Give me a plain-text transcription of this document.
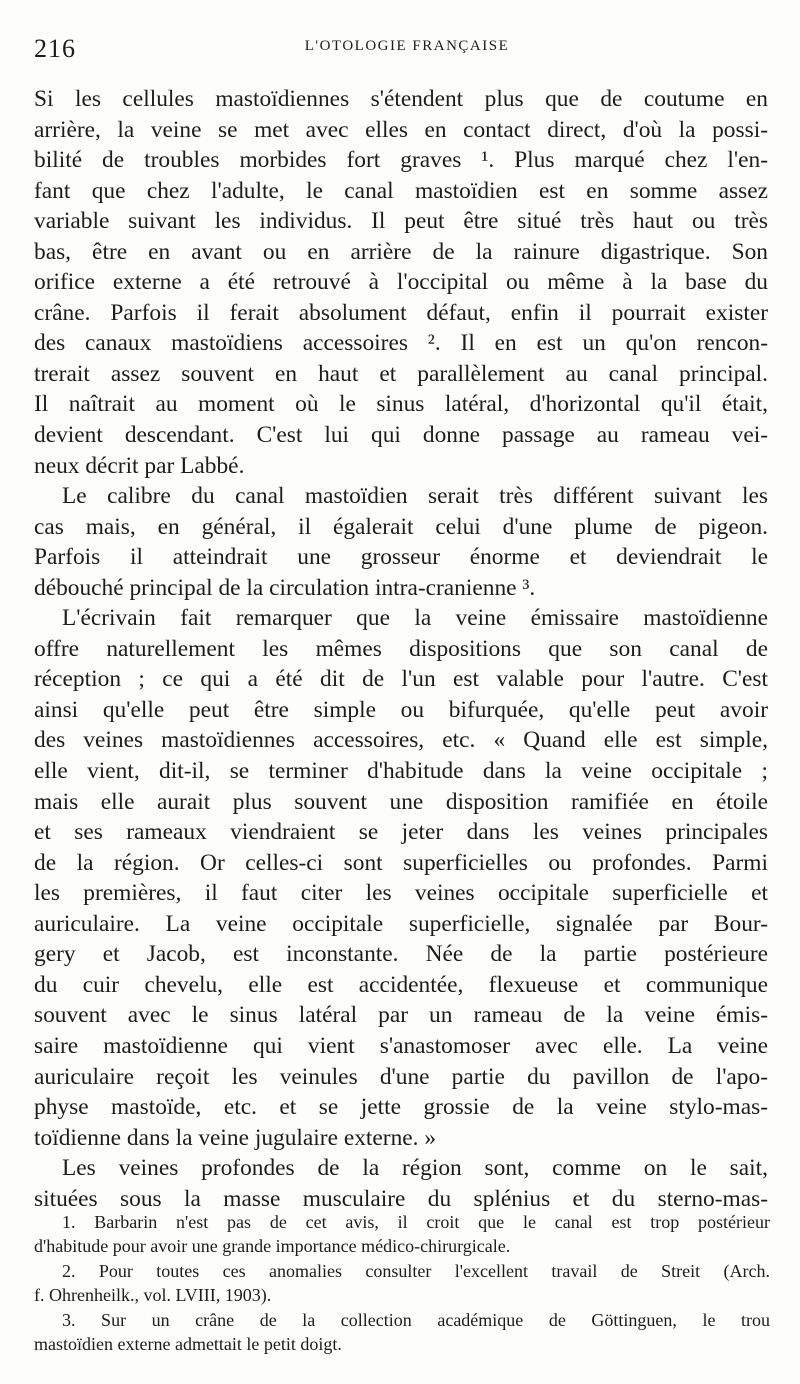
216	L'OTOLOGIE FRANÇAISE
Si les cellules mastoïdiennes s'étendent plus que de coutume en
arrière, la veine se met avec elles en contact direct, d'où la possi-
bilité de troubles morbides fort graves ¹. Plus marqué chez l'en-
fant que chez l'adulte, le canal mastoïdien est en somme assez
variable suivant les individus. Il peut être situé très haut ou très
bas, être en avant ou en arrière de la rainure digastrique. Son
orifice externe a été retrouvé à l'occipital ou même à la base du
crâne. Parfois il ferait absolument défaut, enfin il pourrait exister
des canaux mastoïdiens accessoires ². Il en est un qu'on rencon-
trerait assez souvent en haut et parallèlement au canal principal.
Il naîtrait au moment où le sinus latéral, d'horizontal qu'il était,
devient descendant. C'est lui qui donne passage au rameau vei-
neux décrit par Labbé.
Le calibre du canal mastoïdien serait très différent suivant les
cas mais, en général, il égalerait celui d'une plume de pigeon.
Parfois il atteindrait une grosseur énorme et deviendrait le
débouché principal de la circulation intra-cranienne ³.
L'écrivain fait remarquer que la veine émissaire mastoïdienne
offre naturellement les mêmes dispositions que son canal de
réception ; ce qui a été dit de l'un est valable pour l'autre. C'est
ainsi qu'elle peut être simple ou bifurquée, qu'elle peut avoir
des veines mastoïdiennes accessoires, etc. « Quand elle est simple,
elle vient, dit-il, se terminer d'habitude dans la veine occipitale ;
mais elle aurait plus souvent une disposition ramifiée en étoile
et ses rameaux viendraient se jeter dans les veines principales
de la région. Or celles-ci sont superficielles ou profondes. Parmi
les premières, il faut citer les veines occipitale superficielle et
auriculaire. La veine occipitale superficielle, signalée par Bour-
gery et Jacob, est inconstante. Née de la partie postérieure
du cuir chevelu, elle est accidentée, flexueuse et communique
souvent avec le sinus latéral par un rameau de la veine émis-
saire mastoïdienne qui vient s'anastomoser avec elle. La veine
auriculaire reçoit les veinules d'une partie du pavillon de l'apo-
physe mastoïde, etc. et se jette grossie de la veine stylo-mas-
toïdienne dans la veine jugulaire externe. »
Les veines profondes de la région sont, comme on le sait,
situées sous la masse musculaire du splénius et du sterno-mas-
1. Barbarin n'est pas de cet avis, il croit que le canal est trop postérieur
d'habitude pour avoir une grande importance médico-chirurgicale.
2. Pour toutes ces anomalies consulter l'excellent travail de Streit (Arch.
f. Ohrenheilk., vol. LVIII, 1903).
3. Sur un crâne de la collection académique de Göttinguen, le trou
mastoïdien externe admettait le petit doigt.
